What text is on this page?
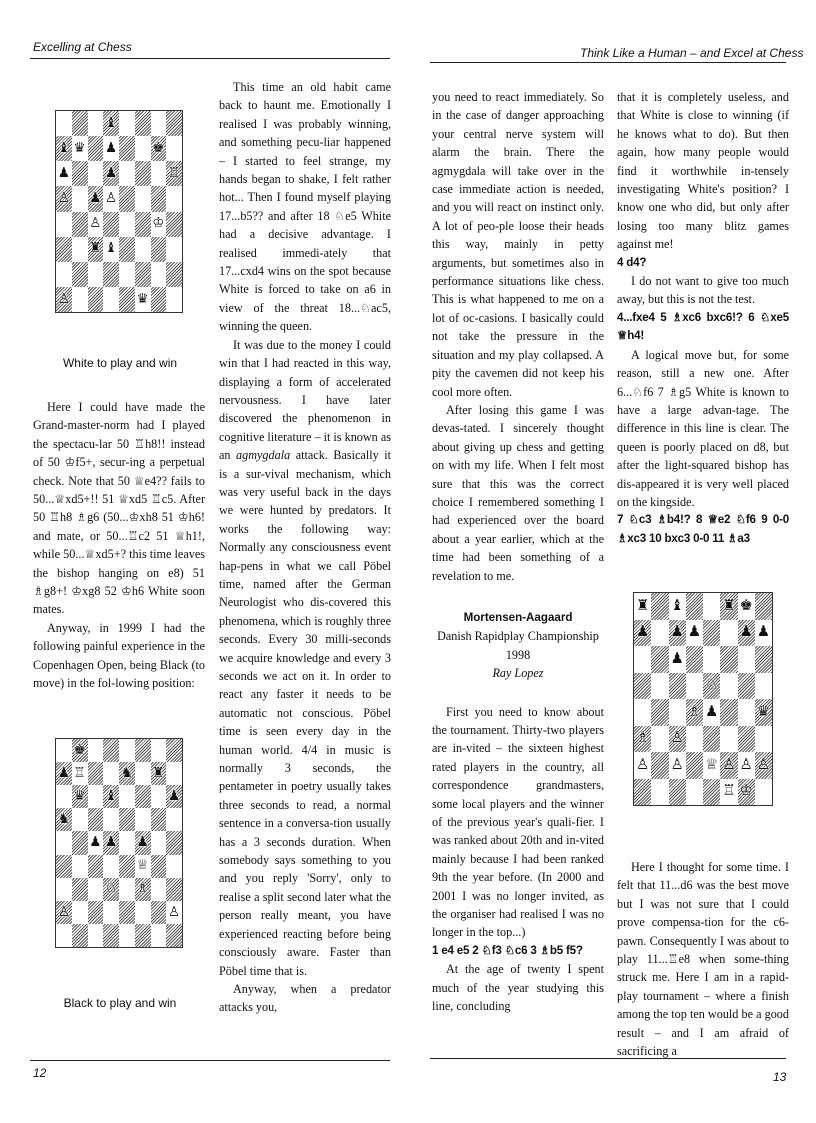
Excelling at Chess	Think Like a Human – and Excel at Chess
♝
♝ ♛ ♟	♚
♟	♟	♖
♙ ♟ ♙
♙	♔
♜ ♝
♙	♛
White to play and win

Here I could have made the Grand-master-norm had I played the spectacu-lar 50 ♖h8!! instead of 50 ♔f5+, secur-ing a perpetual check. Note that 50 ♕e4?? fails to 50...♕xd5+!! 51 ♕xd5 ♖c5. After 50 ♖h8 ♗g6 (50...♔xh8 51 ♔h6! and mate, or 50...♖c2 51 ♕h1!, while 50...♕xd5+? this time leaves the bishop hanging on e8) 51 ♗g8+! ♔xg8 52 ♔h6 White soon mates.

Anyway, in 1999 I had the following painful experience in the Copenhagen Open, being Black (to move) in the fol-lowing position:

♚
♟ ♖	♞ ♜
♛ ♝	♟
♞
♟ ♟ ♟
♕
♘ ♗
♙	♙
Black to play and win

This time an old habit came back to haunt me. Emotionally I realised I was probably winning, and something pecu-liar happened – I started to feel strange, my hands began to shake, I felt rather hot... Then I found myself playing 17...b5?? and after 18 ♘e5 White had a decisive advantage. I realised immedi-ately that 17...cxd4 wins on the spot because White is forced to take on a6 in view of the threat 18...♘ac5, winning the queen.

It was due to the money I could win that I had reacted in this way, displaying a form of accelerated nervousness. I have later discovered the phenomenon in cognitive literature – it is known as an agmygdala attack. Basically it is a sur-vival mechanism, which was very useful back in the days we were hunted by predators. It works the following way: Normally any consciousness event hap-pens in what we call Pöbel time, named after the German Neurologist who dis-covered this phenomena, which is roughly three seconds. Every 30 milli-seconds we acquire knowledge and every 3 seconds we act on it. In order to react any faster it needs to be automatic not conscious. Pöbel time is seen every day in the human world. 4/4 in music is normally 3 seconds, the pentameter in poetry usually takes three seconds to read, a normal sentence in a conversa-tion usually has a 3 seconds duration. When somebody says something to you and you reply 'Sorry', only to realise a split second later what the person really meant, you have experienced reacting before being consciously aware. Faster than Pöbel time that is.

Anyway, when a predator attacks you,

12

you need to react immediately. So in the case of danger approaching your central nerve system will alarm the brain. There the agmygdala will take over in the case immediate action is needed, and you will react on instinct only. A lot of peo-ple loose their heads this way, mainly in petty arguments, but sometimes also in performance situations like chess. This is what happened to me on a lot of oc-casions. I basically could not take the pressure in the situation and my play collapsed. A pity the cavemen did not keep his cool more often.

After losing this game I was devas-tated. I sincerely thought about giving up chess and getting on with my life. When I felt most sure that this was the correct choice I remembered something I had experienced over the board about a year earlier, which at the time had been something of a revelation to me.

Mortensen-Aagaard

Danish Rapidplay Championship 1998

Ray Lopez

First you need to know about the tournament. Thirty-two players are in-vited – the sixteen highest rated players in the country, all correspondence grandmasters, some local players and the winner of the previous year's quali-fier. I was ranked about 20th and in-vited mainly because I had been ranked 9th the year before. (In 2000 and 2001 I was no longer invited, as the organiser had realised I was no longer in the top...)

1 e4 e5 2 ♘f3 ♘c6 3 ♗b5 f5?

At the age of twenty I spent much of the year studying this line, concluding

that it is completely useless, and that White is close to winning (if he knows what to do). But then again, how many people would find it worthwhile in-tensely investigating White's position? I know one who did, but only after losing too many blitz games against me!

4 d4?

I do not want to give too much away, but this is not the test.

4...fxe4 5 ♗xc6 bxc6!? 6 ♘xe5 ♕h4!

A logical move but, for some reason, still a new one. After 6...♘f6 7 ♗g5 White is known to have a large advan-tage. The difference in this line is clear. The queen is poorly placed on d8, but after the light-squared bishop has dis-appeared it is very well placed on the kingside.

7 ♘c3 ♗b4!? 8 ♕e2 ♘f6 9 0-0 ♗xc3 10 bxc3 0-0 11 ♗a3

♜ ♝	♜ ♚
♟ ♟ ♟	♟ ♟
♟
♘
♗ ♟	♛
♗ ♙
♙ ♙ ♕ ♙ ♙ ♙
♖ ♔

Here I thought for some time. I felt that 11...d6 was the best move but I was not sure that I could prove compensa-tion for the c6-pawn. Consequently I was about to play 11...♖e8 when some-thing struck me. Here I am in a rapid-play tournament – where a finish among the top ten would be a good result – and I am afraid of sacrificing a

13
